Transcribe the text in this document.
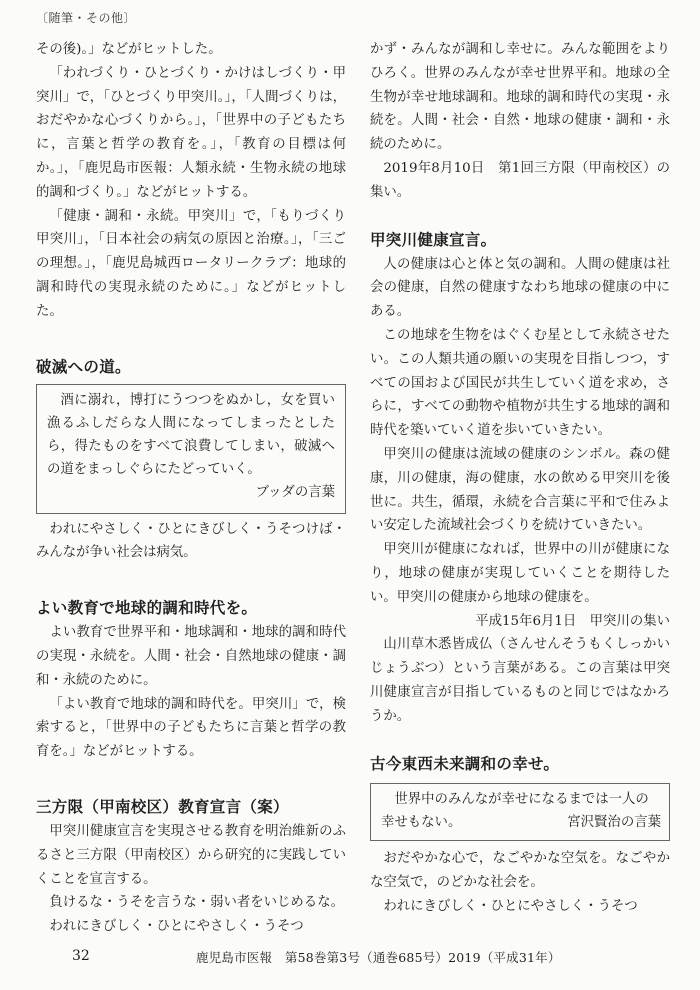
〔随筆・その他〕

その後)。」などがヒットした。

「われづくり・ひとづくり・かけはしづくり・甲突川」で，「ひとづくり甲突川。」，「人間づくりは，おだやかな心づくりから。」，「世界中の子どもたちに，言葉と哲学の教育を。」，「教育の目標は何か。」，「鹿児島市医報：人類永続・生物永続の地球的調和づくり。」などがヒットする。

「健康・調和・永続。甲突川」で，「もりづくり甲突川」，「日本社会の病気の原因と治療。」，「三ごの理想。」，「鹿児島城西ロータリークラブ：地球的調和時代の実現永続のために。」などがヒットした。

破滅への道。

酒に溺れ，博打にうつつをぬかし，女を買い漁るふしだらな人間になってしまったとしたら，得たものをすべて浪費してしまい，破滅への道をまっしぐらにたどっていく。

ブッダの言葉

われにやさしく・ひとにきびしく・うそつけば・みんなが争い社会は病気。

よい教育で地球的調和時代を。

よい教育で世界平和・地球調和・地球的調和時代の実現・永続を。人間・社会・自然地球の健康・調和・永続のために。

「よい教育で地球的調和時代を。甲突川」で，検索すると，「世界中の子どもたちに言葉と哲学の教育を。」などがヒットする。

三方限（甲南校区）教育宣言（案）

甲突川健康宣言を実現させる教育を明治維新のふるさと三方限（甲南校区）から研究的に実践していくことを宣言する。

負けるな・うそを言うな・弱い者をいじめるな。

われにきびしく・ひとにやさしく・うそつ

かず・みんなが調和し幸せに。みんな範囲をよりひろく。世界のみんなが幸せ世界平和。地球の全生物が幸せ地球調和。地球的調和時代の実現・永続を。人間・社会・自然・地球の健康・調和・永続のために。

2019年8月10日　第1回三方限（甲南校区）の集い。

甲突川健康宣言。

人の健康は心と体と気の調和。人間の健康は社会の健康，自然の健康すなわち地球の健康の中にある。

この地球を生物をはぐくむ星として永続させたい。この人類共通の願いの実現を目指しつつ，すべての国および国民が共生していく道を求め，さらに，すべての動物や植物が共生する地球的調和時代を築いていく道を歩いていきたい。

甲突川の健康は流域の健康のシンボル。森の健康，川の健康，海の健康，水の飲める甲突川を後世に。共生，循環，永続を合言葉に平和で住みよい安定した流域社会づくりを続けていきたい。

甲突川が健康になれば，世界中の川が健康になり，地球の健康が実現していくことを期待したい。甲突川の健康から地球の健康を。

平成15年6月1日　甲突川の集い

山川草木悉皆成仏（さんせんそうもくしっかいじょうぶつ）という言葉がある。この言葉は甲突川健康宣言が目指しているものと同じではなかろうか。

古今東西未来調和の幸せ。

世界中のみんなが幸せになるまでは一人の幸せもない。	宮沢賢治の言葉

おだやかな心で，なごやかな空気を。なごやかな空気で，のどかな社会を。

われにきびしく・ひとにやさしく・うそつ

32	鹿児島市医報　第58巻第3号（通巻685号）2019（平成31年）
